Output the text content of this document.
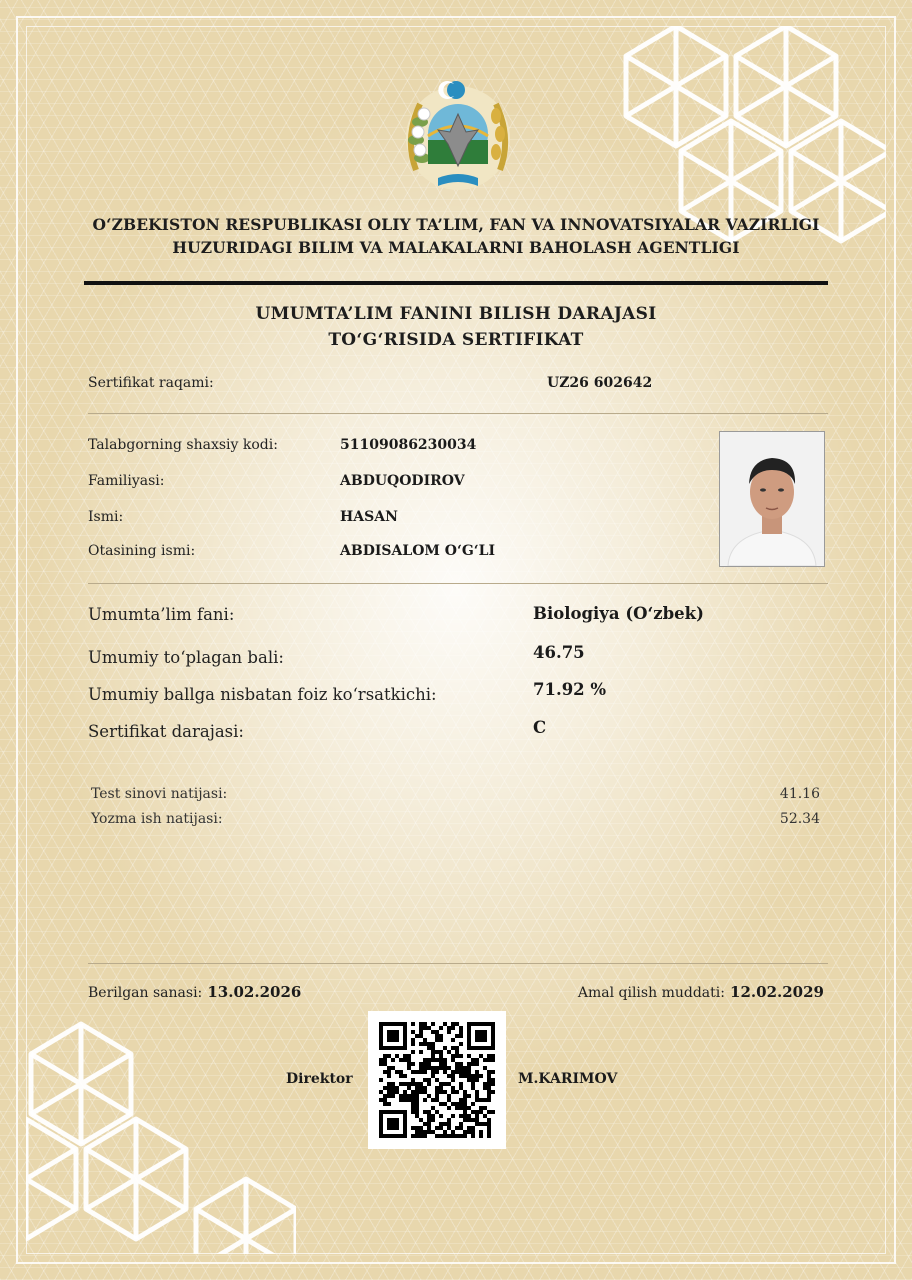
O‘ZBEKISTON RESPUBLIKASI OLIY TA’LIM, FAN VA INNOVATSIYALAR VAZIRLIGI
HUZURIDAGI BILIM VA MALAKALARNI BAHOLASH AGENTLIGI
UMUMTA’LIM FANINI BILISH DARAJASI
TO‘G‘RISIDA SERTIFIKAT
Sertifikat raqami:	UZ26 602642
Talabgorning shaxsiy kodi:	51109086230034
Familiyasi:	ABDUQODIROV
Ismi:	HASAN
Otasining ismi:	ABDISALOM O‘G‘LI
Umumta’lim fani:	Biologiya (O‘zbek)
Umumiy to‘plagan bali:	46.75
Umumiy ballga nisbatan foiz ko‘rsatkichi:	71.92 %
Sertifikat darajasi:	C
Test sinovi natijasi:	41.16
Yozma ish natijasi:	52.34
Berilgan sanasi: 13.02.2026	Amal qilish muddati: 12.02.2029
Direktor	M.KARIMOV
